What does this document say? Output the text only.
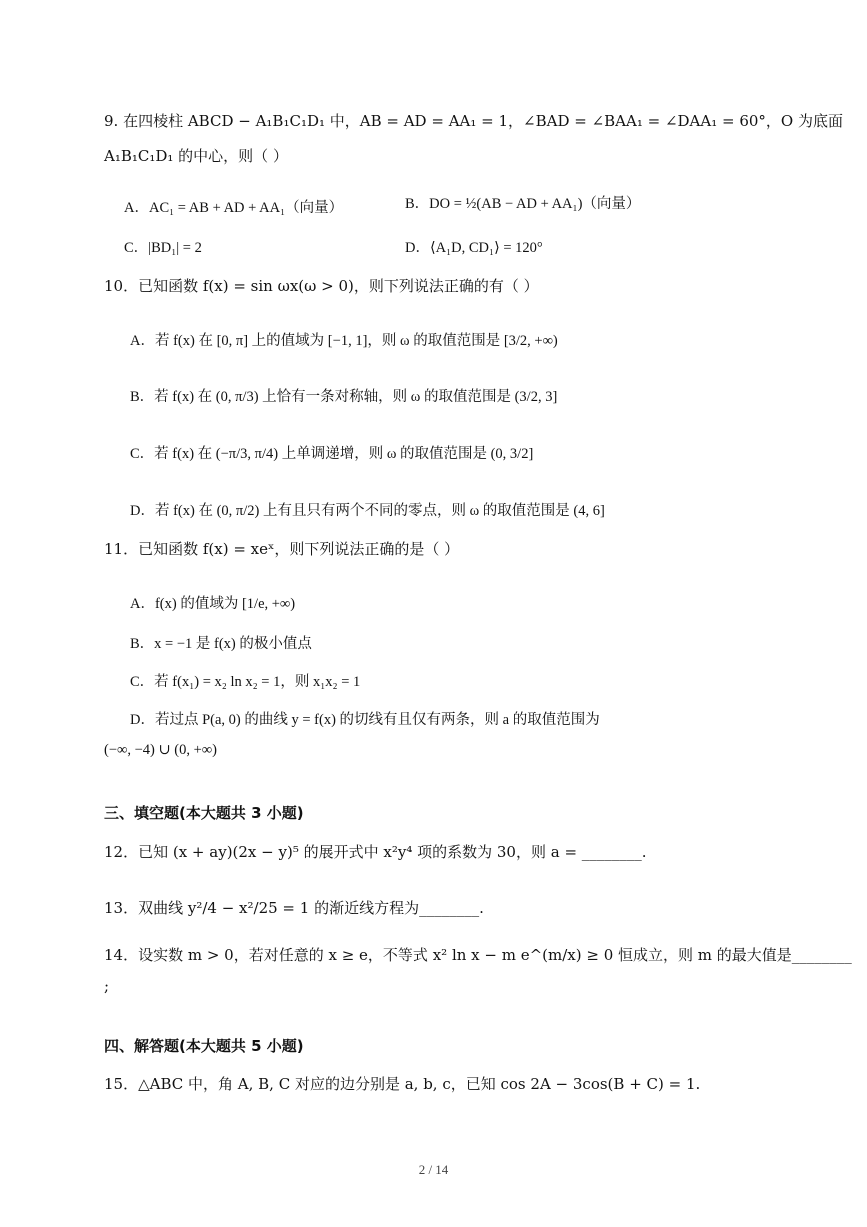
9. 在四棱柱 ABCD − A₁B₁C₁D₁ 中，AB = AD = AA₁ = 1，∠BAD = ∠BAA₁ = ∠DAA₁ = 60°，O 为底面
A₁B₁C₁D₁ 的中心，则（ ）
A．AC₁ = AB + AD + AA₁（向量）	B．DO = ½(AB − AD + AA₁)（向量）
C．|BD₁| = 2	D．⟨A₁D, CD₁⟩ = 120°
10．已知函数 f(x) = sin ωx(ω > 0)，则下列说法正确的有（ ）
A．若 f(x) 在 [0, π] 上的值域为 [−1, 1]，则 ω 的取值范围是 [3/2, +∞)
B．若 f(x) 在 (0, π/3) 上恰有一条对称轴，则 ω 的取值范围是 (3/2, 3]
C．若 f(x) 在 (−π/3, π/4) 上单调递增，则 ω 的取值范围是 (0, 3/2]
D．若 f(x) 在 (0, π/2) 上有且只有两个不同的零点，则 ω 的取值范围是 (4, 6]
11．已知函数 f(x) = xeˣ，则下列说法正确的是（ ）
A．f(x) 的值域为 [1/e, +∞)
B．x = −1 是 f(x) 的极小值点
C．若 f(x₁) = x₂ ln x₂ = 1，则 x₁x₂ = 1
D．若过点 P(a, 0) 的曲线 y = f(x) 的切线有且仅有两条，则 a 的取值范围为
(−∞, −4) ∪ (0, +∞)
三、填空题(本大题共 3 小题)
12．已知 (x + ay)(2x − y)⁵ 的展开式中 x²y⁴ 项的系数为 30，则 a = ________.
13．双曲线 y²/4 − x²/25 = 1 的渐近线方程为________.
14．设实数 m > 0，若对任意的 x ≥ e，不等式 x² ln x − m e^(m/x) ≥ 0 恒成立，则 m 的最大值是________
;
四、解答题(本大题共 5 小题)
15．△ABC 中，角 A, B, C 对应的边分别是 a, b, c，已知 cos 2A − 3cos(B + C) = 1.
2 / 14
